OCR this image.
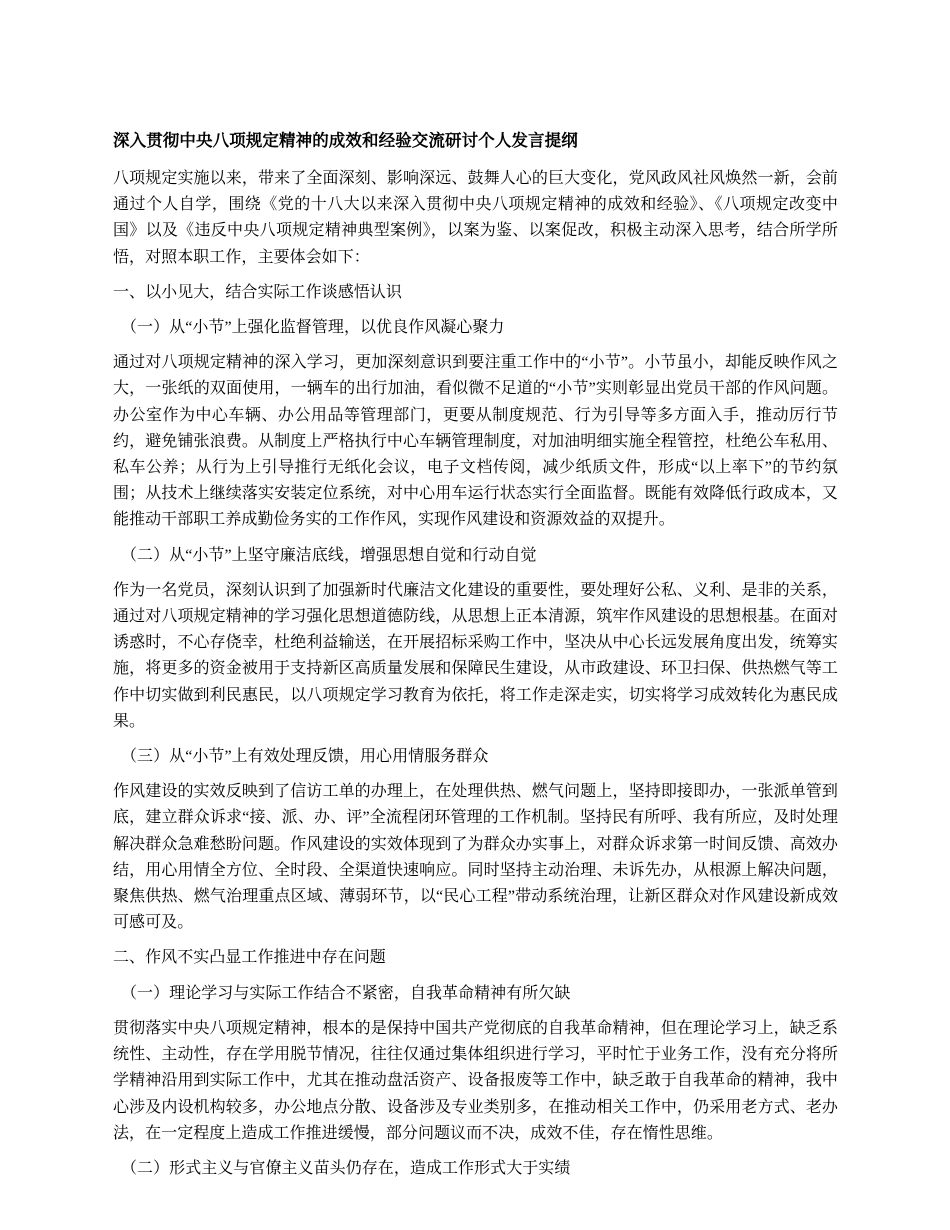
深入贯彻中央八项规定精神的成效和经验交流研讨个人发言提纲

八项规定实施以来，带来了全面深刻、影响深远、鼓舞人心的巨大变化，党风政风社风焕然一新，会前通过个人自学，围绕《党的十八大以来深入贯彻中央八项规定精神的成效和经验》、《八项规定改变中国》以及《违反中央八项规定精神典型案例》，以案为鉴、以案促改，积极主动深入思考，结合所学所悟，对照本职工作，主要体会如下：

一、以小见大，结合实际工作谈感悟认识

（一）从“小节”上强化监督管理，以优良作风凝心聚力

通过对八项规定精神的深入学习，更加深刻意识到要注重工作中的“小节”。小节虽小，却能反映作风之大，一张纸的双面使用，一辆车的出行加油，看似微不足道的“小节”实则彰显出党员干部的作风问题。办公室作为中心车辆、办公用品等管理部门，更要从制度规范、行为引导等多方面入手，推动厉行节约，避免铺张浪费。从制度上严格执行中心车辆管理制度，对加油明细实施全程管控，杜绝公车私用、私车公养；从行为上引导推行无纸化会议，电子文档传阅，减少纸质文件，形成“以上率下”的节约氛围；从技术上继续落实安装定位系统，对中心用车运行状态实行全面监督。既能有效降低行政成本，又能推动干部职工养成勤俭务实的工作作风，实现作风建设和资源效益的双提升。

（二）从“小节”上坚守廉洁底线，增强思想自觉和行动自觉

作为一名党员，深刻认识到了加强新时代廉洁文化建设的重要性，要处理好公私、义利、是非的关系，通过对八项规定精神的学习强化思想道德防线，从思想上正本清源，筑牢作风建设的思想根基。在面对诱惑时，不心存侥幸，杜绝利益输送，在开展招标采购工作中，坚决从中心长远发展角度出发，统筹实施，将更多的资金被用于支持新区高质量发展和保障民生建设，从市政建设、环卫扫保、供热燃气等工作中切实做到利民惠民，以八项规定学习教育为依托，将工作走深走实，切实将学习成效转化为惠民成果。

（三）从“小节”上有效处理反馈，用心用情服务群众

作风建设的实效反映到了信访工单的办理上，在处理供热、燃气问题上，坚持即接即办，一张派单管到底，建立群众诉求“接、派、办、评”全流程闭环管理的工作机制。坚持民有所呼、我有所应，及时处理解决群众急难愁盼问题。作风建设的实效体现到了为群众办实事上，对群众诉求第一时间反馈、高效办结，用心用情全方位、全时段、全渠道快速响应。同时坚持主动治理、未诉先办，从根源上解决问题，聚焦供热、燃气治理重点区域、薄弱环节，以“民心工程”带动系统治理，让新区群众对作风建设新成效可感可及。

二、作风不实凸显工作推进中存在问题

（一）理论学习与实际工作结合不紧密，自我革命精神有所欠缺

贯彻落实中央八项规定精神，根本的是保持中国共产党彻底的自我革命精神，但在理论学习上，缺乏系统性、主动性，存在学用脱节情况，往往仅通过集体组织进行学习，平时忙于业务工作，没有充分将所学精神沿用到实际工作中，尤其在推动盘活资产、设备报废等工作中，缺乏敢于自我革命的精神，我中心涉及内设机构较多，办公地点分散、设备涉及专业类别多，在推动相关工作中，仍采用老方式、老办法，在一定程度上造成工作推进缓慢，部分问题议而不决，成效不佳，存在惰性思维。

（二）形式主义与官僚主义苗头仍存在，造成工作形式大于实绩
